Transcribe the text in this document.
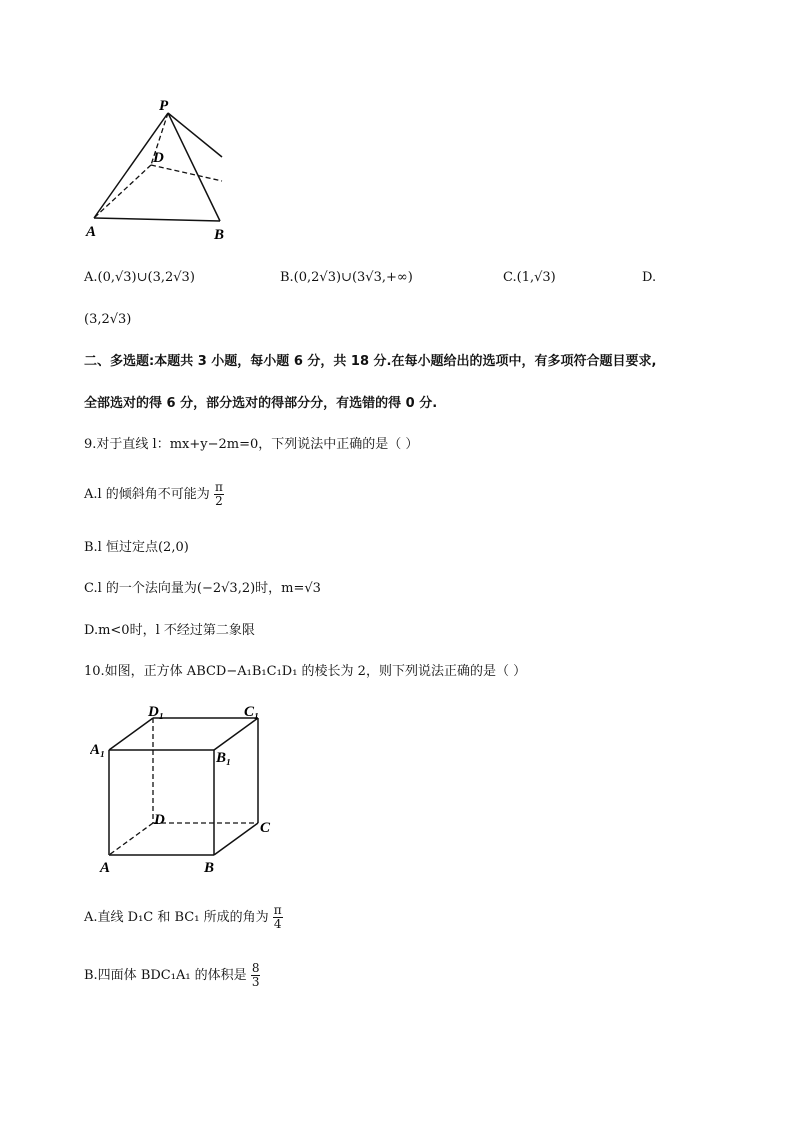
P
D
A	B
A.(0,√3)∪(3,2√3)	B.(0,2√3)∪(3√3,+∞)	C.(1,√3)	D.
(3,2√3)
二、多选题:本题共 3 小题，每小题 6 分，共 18 分.在每小题给出的选项中，有多项符合题目要求,
全部选对的得 6 分，部分选对的得部分分，有选错的得 0 分.
9.对于直线 l：mx+y−2m=0，下列说法中正确的是（ ）
A.l 的倾斜角不可能为 $\frac{\pi}{2}$
B.l 恒过定点(2,0)
C.l 的一个法向量为(−2√3,2)时，m=√3
D.m<0时，l 不经过第二象限
10.如图，正方体 ABCD−A₁B₁C₁D₁ 的棱长为 2，则下列说法正确的是（ ）
D₁	C₁
A₁	B₁
D	C
A	B
A.直线 D₁C 和 BC₁ 所成的角为 $\frac{\pi}{4}$
B.四面体 BDC₁A₁ 的体积是 $\frac{8}{3}$
